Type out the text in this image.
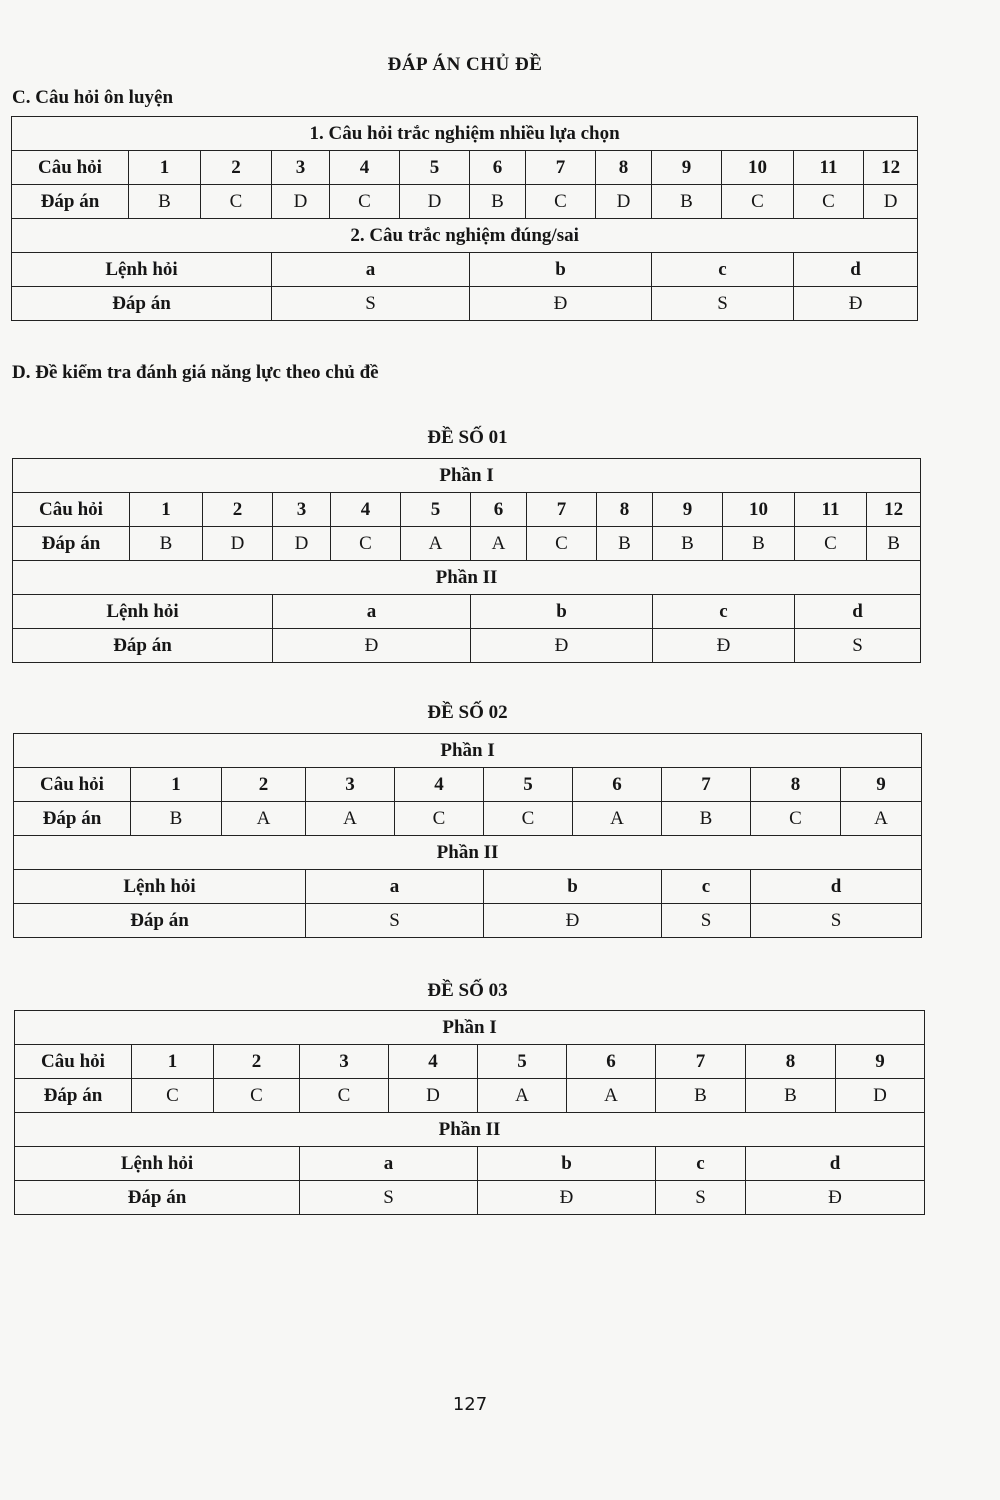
ĐÁP ÁN CHỦ ĐỀ
C. Câu hỏi ôn luyện
1. Câu hỏi trắc nghiệm nhiều lựa chọn												
Câu hỏi	1	2	3	4	5	6	7	8	9	10	11	12
Đáp án	B	C	D	C	D	B	C	D	B	C	C	D
2. Câu trắc nghiệm đúng/sai												
Lệnh hỏi			a			b			c		d	
Đáp án			S			Đ			S		Đ	
D. Đề kiểm tra đánh giá năng lực theo chủ đề
ĐỀ SỐ 01
Phần I												
Câu hỏi	1	2	3	4	5	6	7	8	9	10	11	12
Đáp án	B	D	D	C	A	A	C	B	B	B	C	B
Phần II												
Lệnh hỏi			a			b			c		d	
Đáp án			Đ			Đ			Đ		S	
ĐỀ SỐ 02
Phần I									
Câu hỏi	1	2	3	4	5	6	7	8	9
Đáp án	B	A	A	C	C	A	B	C	A
Phần II									
Lệnh hỏi			a		b		c	d	
Đáp án			S		Đ		S	S	
ĐỀ SỐ 03
Phần I									
Câu hỏi	1	2	3	4	5	6	7	8	9
Đáp án	C	C	C	D	A	A	B	B	D
Phần II									
Lệnh hỏi			a		b		c	d	
Đáp án			S		Đ		S	Đ	
127
